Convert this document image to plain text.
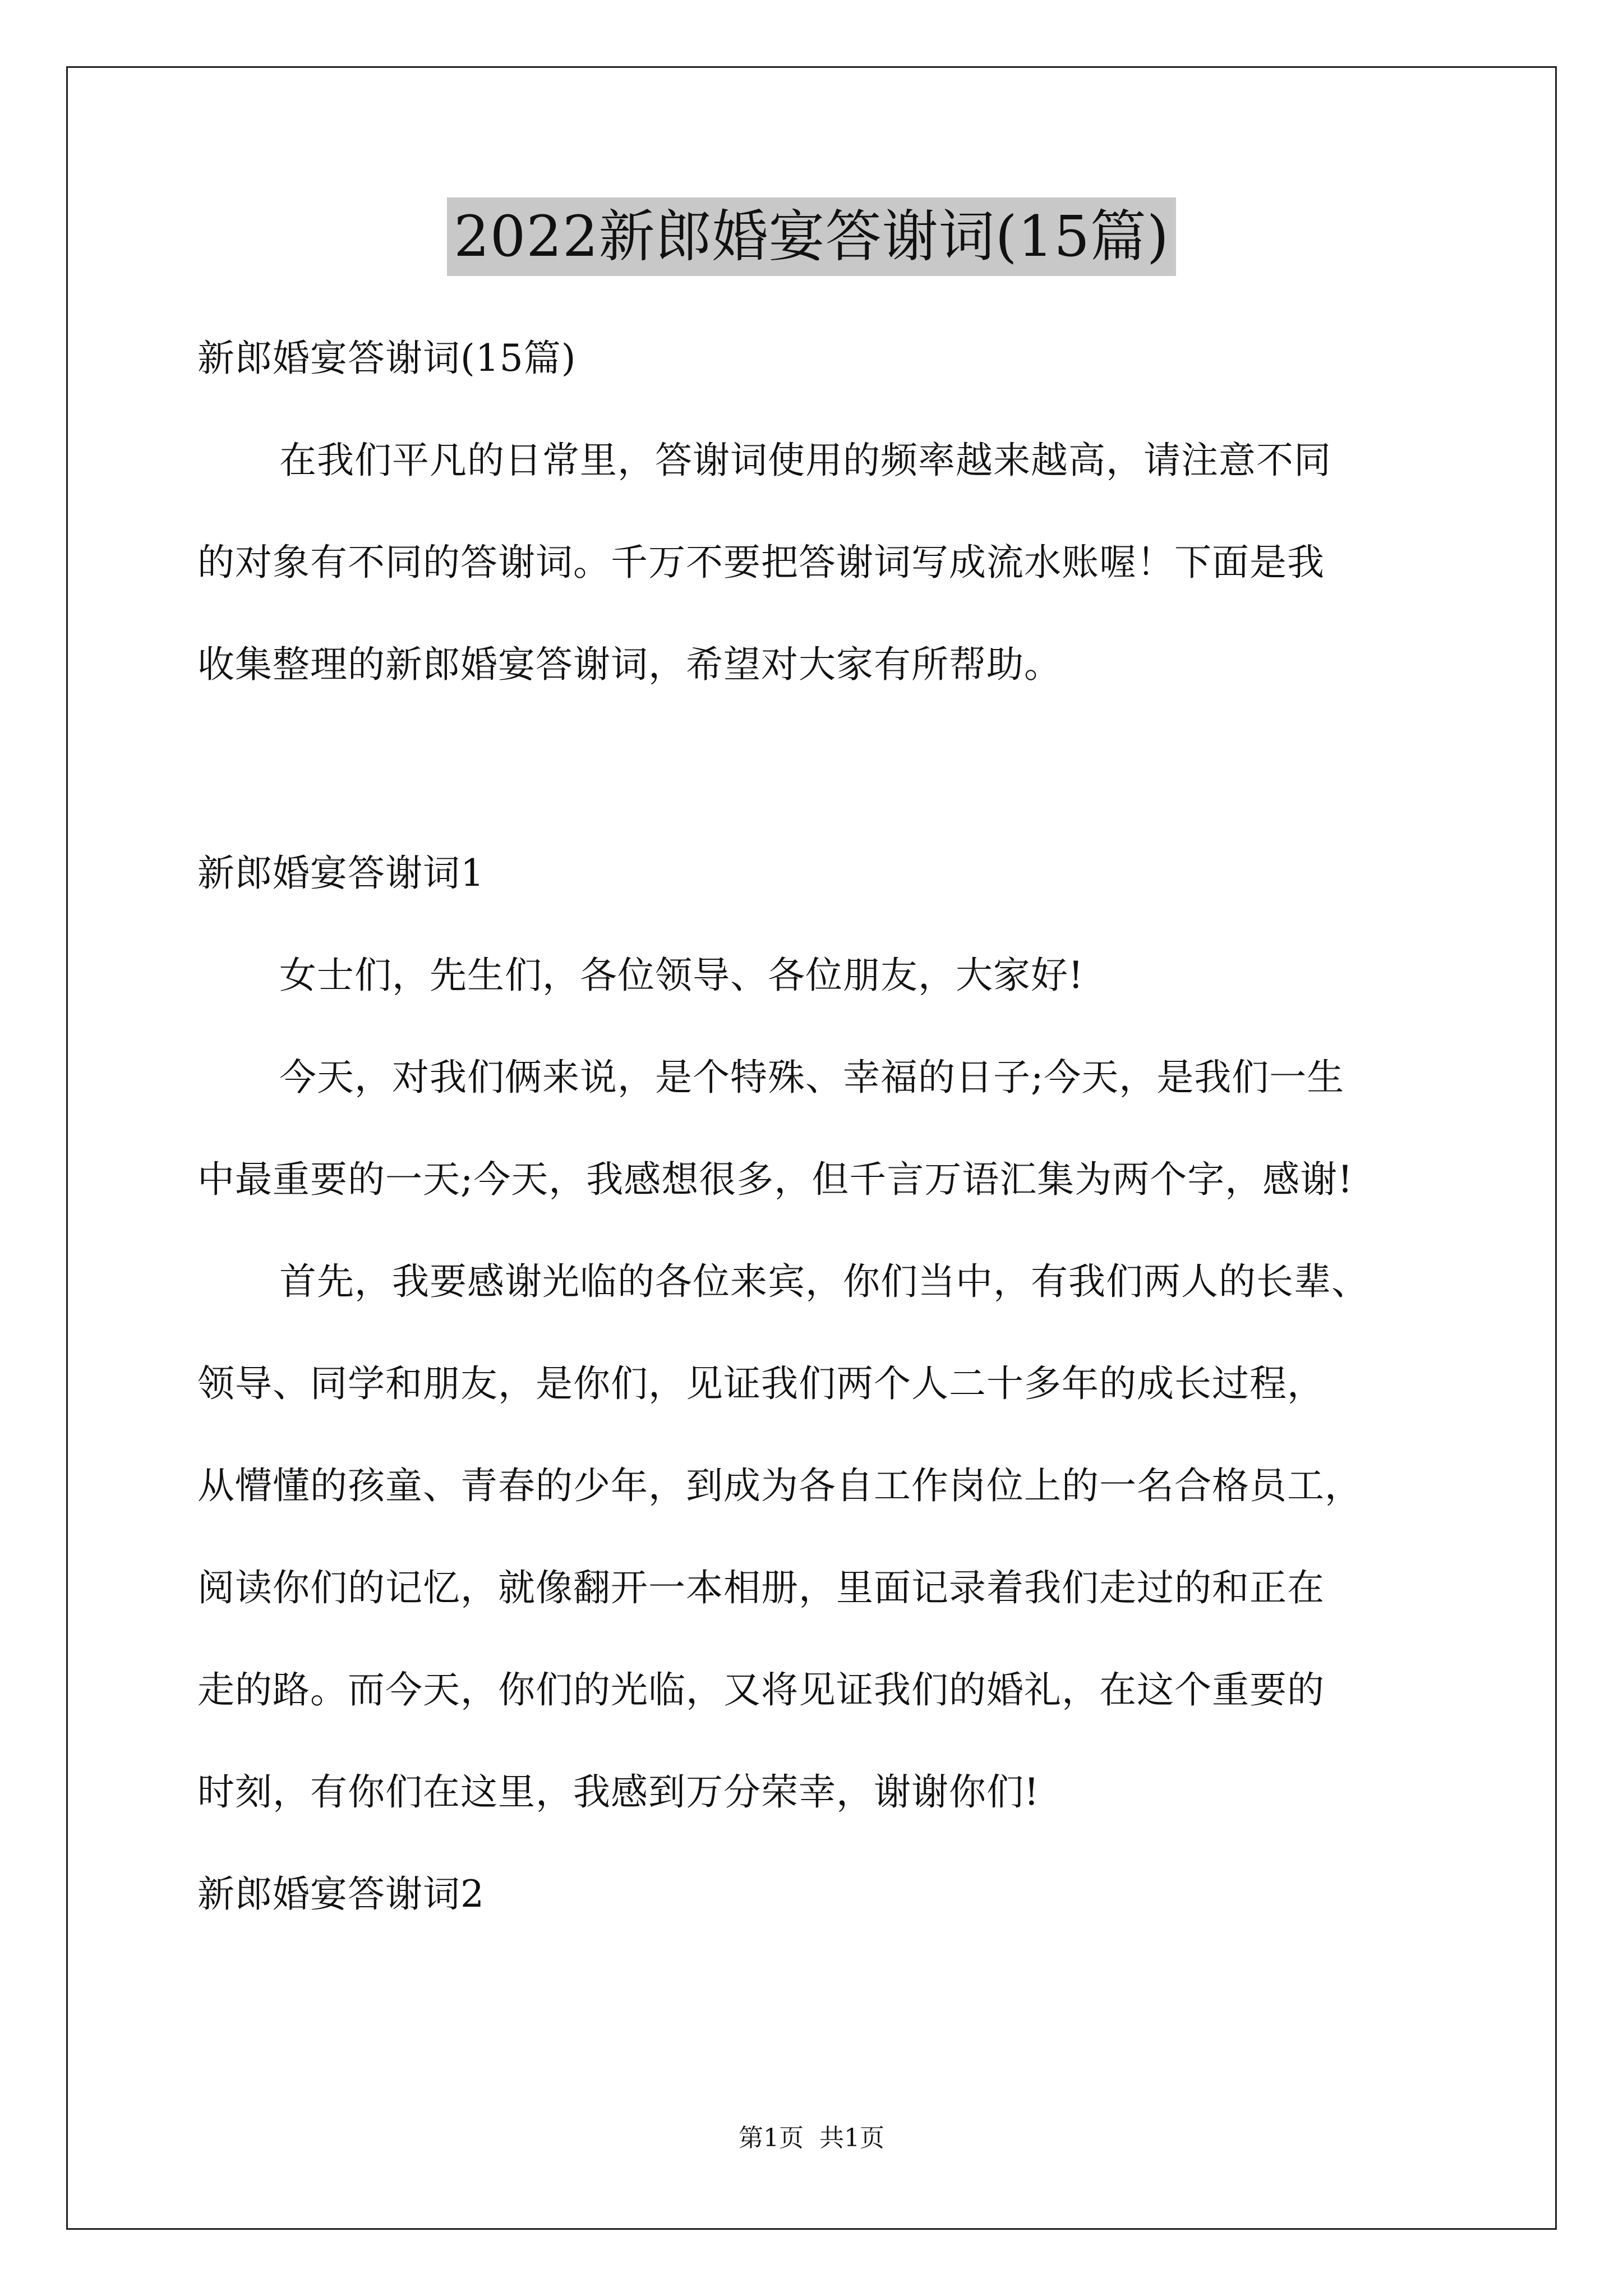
2022新郎婚宴答谢词(15篇)
新郎婚宴答谢词(15篇)
在我们平凡的日常里，答谢词使用的频率越来越高，请注意不同
的对象有不同的答谢词。千万不要把答谢词写成流水账喔！下面是我
收集整理的新郎婚宴答谢词，希望对大家有所帮助。
新郎婚宴答谢词1
女士们，先生们，各位领导、各位朋友，大家好!
今天，对我们俩来说，是个特殊、幸福的日子;今天，是我们一生
中最重要的一天;今天，我感想很多，但千言万语汇集为两个字，感谢!
首先，我要感谢光临的各位来宾，你们当中，有我们两人的长辈、
领导、同学和朋友，是你们，见证我们两个人二十多年的成长过程，
从懵懂的孩童、青春的少年，到成为各自工作岗位上的一名合格员工，
阅读你们的记忆，就像翻开一本相册，里面记录着我们走过的和正在
走的路。而今天，你们的光临，又将见证我们的婚礼，在这个重要的
时刻，有你们在这里，我感到万分荣幸，谢谢你们!
新郎婚宴答谢词2
第1页 共1页
